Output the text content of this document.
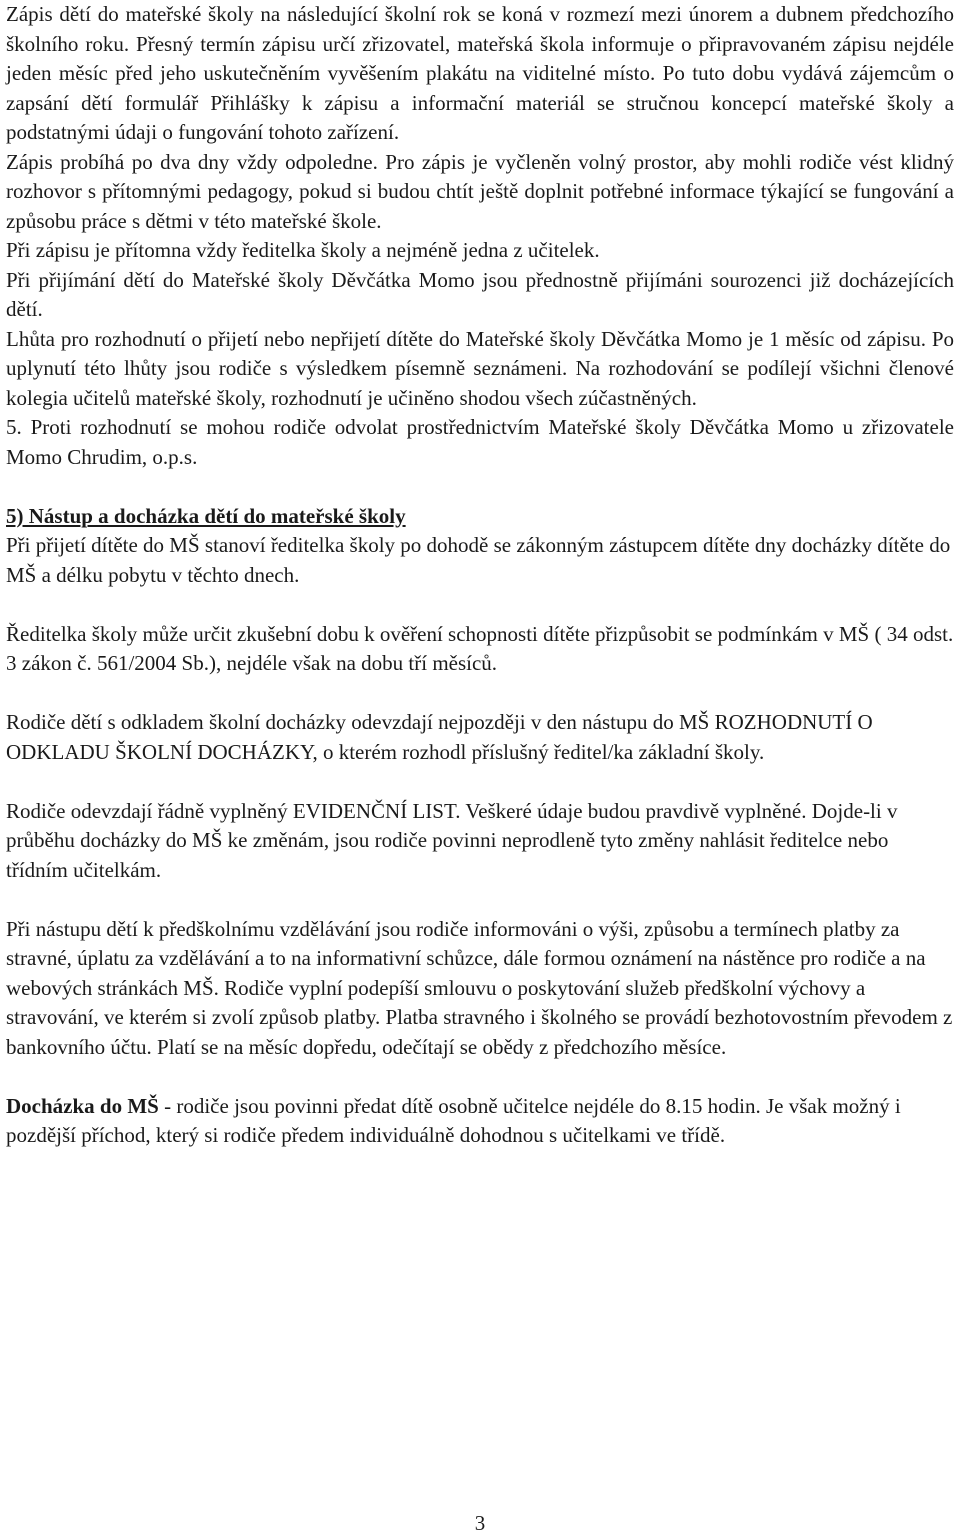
Zápis dětí do mateřské školy na následující školní rok se koná v rozmezí mezi únorem a dubnem předchozího školního roku. Přesný termín zápisu určí zřizovatel, mateřská škola informuje o připravovaném zápisu nejdéle jeden měsíc před jeho uskutečněním vyvěšením plakátu na viditelné místo. Po tuto dobu vydává zájemcům o zapsání dětí formulář Přihlášky k zápisu a informační materiál se stručnou koncepcí mateřské školy a podstatnými údaji o fungování tohoto zařízení.

Zápis probíhá po dva dny vždy odpoledne. Pro zápis je vyčleněn volný prostor, aby mohli rodiče vést klidný rozhovor s přítomnými pedagogy, pokud si budou chtít ještě doplnit potřebné informace týkající se fungování a způsobu práce s dětmi v této mateřské škole.

Při zápisu je přítomna vždy ředitelka školy a nejméně jedna z učitelek.

Při přijímání dětí do Mateřské školy Děvčátka Momo jsou přednostně přijímáni sourozenci již docházejících dětí.

Lhůta pro rozhodnutí o přijetí nebo nepřijetí dítěte do Mateřské školy Děvčátka Momo je 1 měsíc od zápisu. Po uplynutí této lhůty jsou rodiče s výsledkem písemně seznámeni. Na rozhodování se podílejí všichni členové kolegia učitelů mateřské školy, rozhodnutí je učiněno shodou všech zúčastněných.

5. Proti rozhodnutí se mohou rodiče odvolat prostřednictvím Mateřské školy Děvčátka Momo u zřizovatele Momo Chrudim, o.p.s.

5) Nástup a docházka dětí do mateřské školy

Při přijetí dítěte do MŠ stanoví ředitelka školy po dohodě se zákonným zástupcem dítěte dny docházky dítěte do MŠ a délku pobytu v těchto dnech.

Ředitelka školy může určit zkušební dobu k ověření schopnosti dítěte přizpůsobit se podmínkám v MŠ ( 34 odst. 3 zákon č. 561/2004 Sb.), nejdéle však na dobu tří měsíců.

Rodiče dětí s odkladem školní docházky odevzdají nejpozději v den nástupu do MŠ ROZHODNUTÍ O ODKLADU ŠKOLNÍ DOCHÁZKY, o kterém rozhodl příslušný ředitel/ka základní školy.

Rodiče odevzdají řádně vyplněný EVIDENČNÍ LIST. Veškeré údaje budou pravdivě vyplněné. Dojde-li v průběhu docházky do MŠ ke změnám, jsou rodiče povinni neprodleně tyto změny nahlásit ředitelce nebo třídním učitelkám.

Při nástupu dětí k předškolnímu vzdělávání jsou rodiče informováni o výši, způsobu a termínech platby za stravné, úplatu za vzdělávání a to na informativní schůzce, dále formou oznámení na nástěnce pro rodiče a na webových stránkách MŠ. Rodiče vyplní podepíší smlouvu o poskytování služeb předškolní výchovy a stravování, ve kterém si zvolí způsob platby. Platba stravného i školného se provádí bezhotovostním převodem z bankovního účtu. Platí se na měsíc dopředu, odečítají se obědy z předchozího měsíce.

Docházka do MŠ - rodiče jsou povinni předat dítě osobně učitelce nejdéle do 8.15 hodin. Je však možný i pozdější příchod, který si rodiče předem individuálně dohodnou s učitelkami ve třídě.

3
